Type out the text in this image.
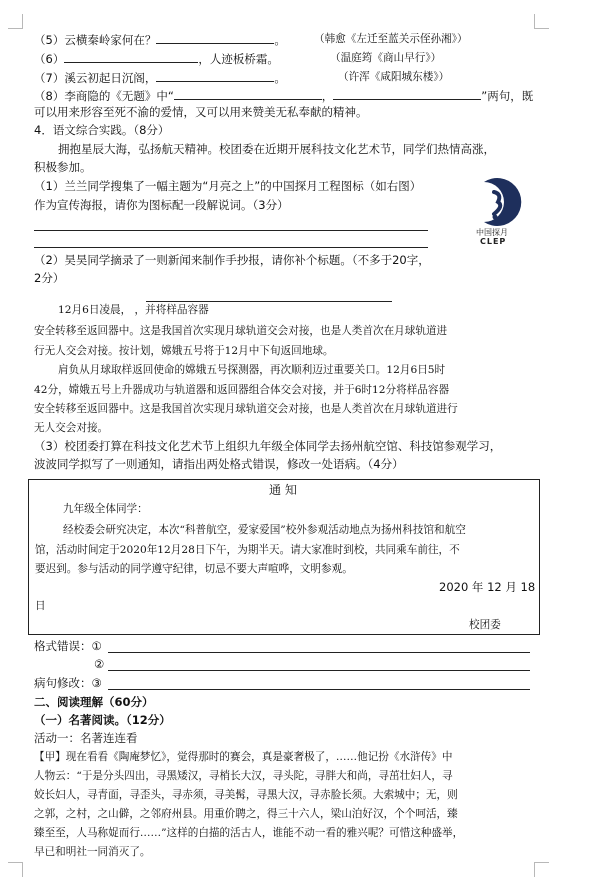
（5）云横秦岭家何在？	。	（韩愈《左迁至蓝关示侄孙湘》）
（6）	，人迹板桥霜。	（温庭筠《商山早行》）
（7）溪云初起日沉阁，	。	（许浑《咸阳城东楼》）
（8）李商隐的《无题》中“	，	”两句，既
可以用来形容至死不渝的爱情，又可以用来赞美无私奉献的精神。
4．语文综合实践。（8分）
拥抱星辰大海，弘扬航天精神。校团委在近期开展科技文化艺术节，同学们热情高涨，
积极参加。
（1）兰兰同学搜集了一幅主题为“月亮之上”的中国探月工程图标（如右图）
作为宣传海报，请你为图标配一段解说词。（3分）
中国探月
CLEP
（2）昊昊同学摘录了一则新闻来制作手抄报，请你补个标题。（不多于20字，
2分）
12月6日凌晨， ，并将样品容器
安全转移至返回器中。这是我国首次实现月球轨道交会对接，也是人类首次在月球轨道进
行无人交会对接。按计划，嫦娥五号将于12月中下旬返回地球。
肩负从月球取样返回使命的嫦娥五号探测器，再次顺利迈过重要关口。12月6日5时
42分，嫦娥五号上升器成功与轨道器和返回器组合体交会对接，并于6时12分将样品容器
安全转移至返回器中。这是我国首次实现月球轨道交会对接，也是人类首次在月球轨道进行
无人交会对接。
（3）校团委打算在科技文化艺术节上组织九年级全体同学去扬州航空馆、科技馆参观学习，
波波同学拟写了一则通知，请指出两处格式错误，修改一处语病。（4分）
通 知
九年级全体同学：
经校委会研究决定，本次“科普航空，爱家爱国”校外参观活动地点为扬州科技馆和航空
馆，活动时间定于2020年12月28日下午，为期半天。请大家准时到校，共同乘车前往，不
要迟到。参与活动的同学遵守纪律，切忌不要大声喧哗，文明参观。
2020 年 12 月 18
日
校团委
格式错误：①
②
病句修改：③
二、阅读理解（60分）
（一）名著阅读。（12分）
活动一：名著连连看
【甲】现在看看《陶庵梦忆》，觉得那时的赛会，真是豪奢极了，……他记扮《水浒传》中
人物云：“于是分头四出，寻黑矮汉，寻梢长大汉，寻头陀，寻胖大和尚，寻茁壮妇人，寻
姣长妇人，寻青面，寻歪头，寻赤须，寻美髯，寻黑大汉，寻赤脸长须。大索城中；无，则
之郭，之村，之山僻，之邻府州县。用重价聘之，得三十六人，梁山泊好汉，个个呵活，臻
臻至至，人马称娖而行……”这样的白描的活古人，谁能不动一看的雅兴呢？可惜这种盛举，
早已和明社一同消灭了。
